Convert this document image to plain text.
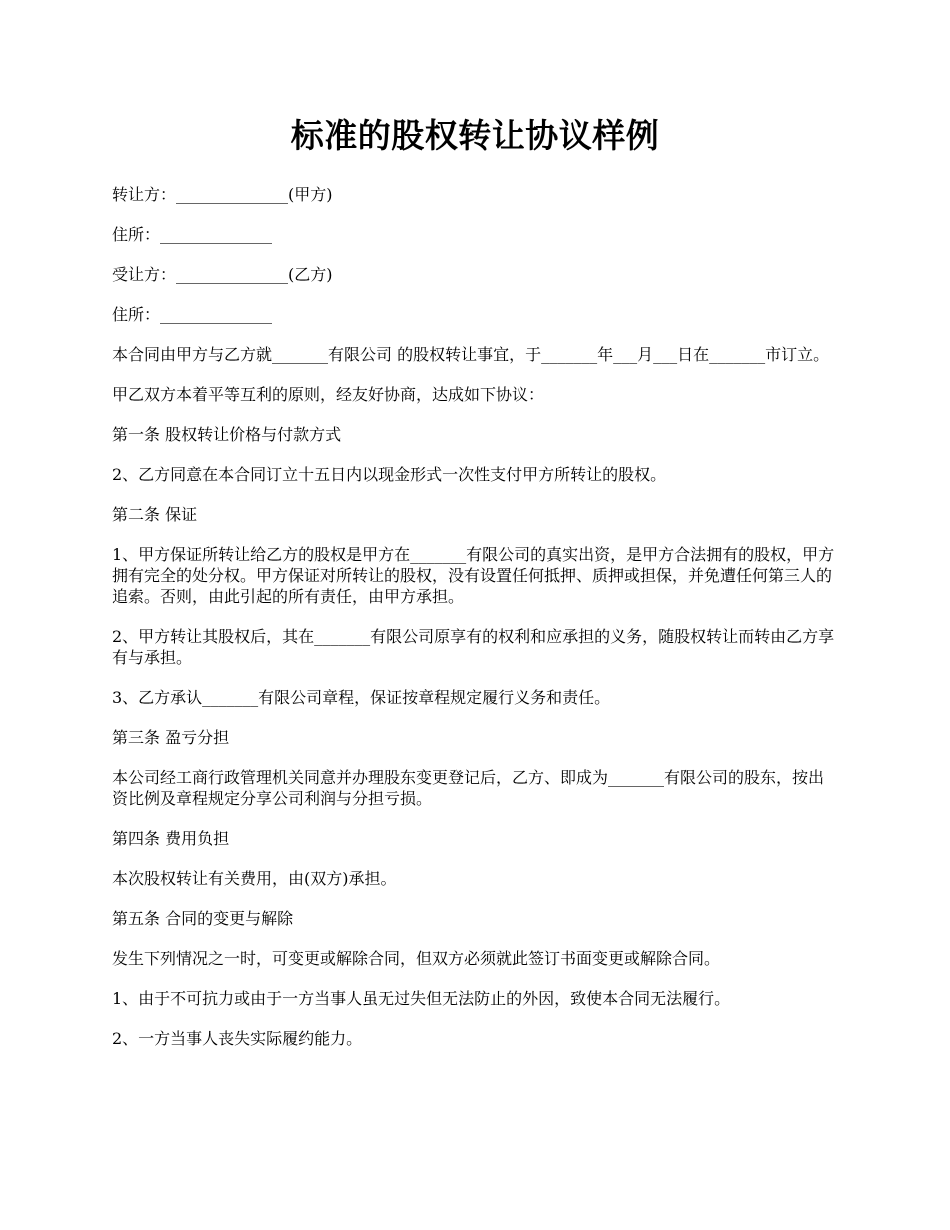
标准的股权转让协议样例

转让方：______________(甲方)

住所：______________

受让方：______________(乙方)

住所：______________

本合同由甲方与乙方就_______有限公司 的股权转让事宜，于_______年___月___日在_______市订立。

甲乙双方本着平等互利的原则，经友好协商，达成如下协议：

第一条 股权转让价格与付款方式

2、乙方同意在本合同订立十五日内以现金形式一次性支付甲方所转让的股权。

第二条 保证

1、甲方保证所转让给乙方的股权是甲方在_______有限公司的真实出资，是甲方合法拥有的股权，甲方拥有完全的处分权。甲方保证对所转让的股权，没有设置任何抵押、质押或担保，并免遭任何第三人的追索。否则，由此引起的所有责任，由甲方承担。

2、甲方转让其股权后，其在_______有限公司原享有的权利和应承担的义务，随股权转让而转由乙方享有与承担。

3、乙方承认_______有限公司章程，保证按章程规定履行义务和责任。

第三条 盈亏分担

本公司经工商行政管理机关同意并办理股东变更登记后，乙方、即成为_______有限公司的股东，按出资比例及章程规定分享公司利润与分担亏损。

第四条 费用负担

本次股权转让有关费用，由(双方)承担。

第五条 合同的变更与解除

发生下列情况之一时，可变更或解除合同，但双方必须就此签订书面变更或解除合同。

1、由于不可抗力或由于一方当事人虽无过失但无法防止的外因，致使本合同无法履行。

2、一方当事人丧失实际履约能力。
